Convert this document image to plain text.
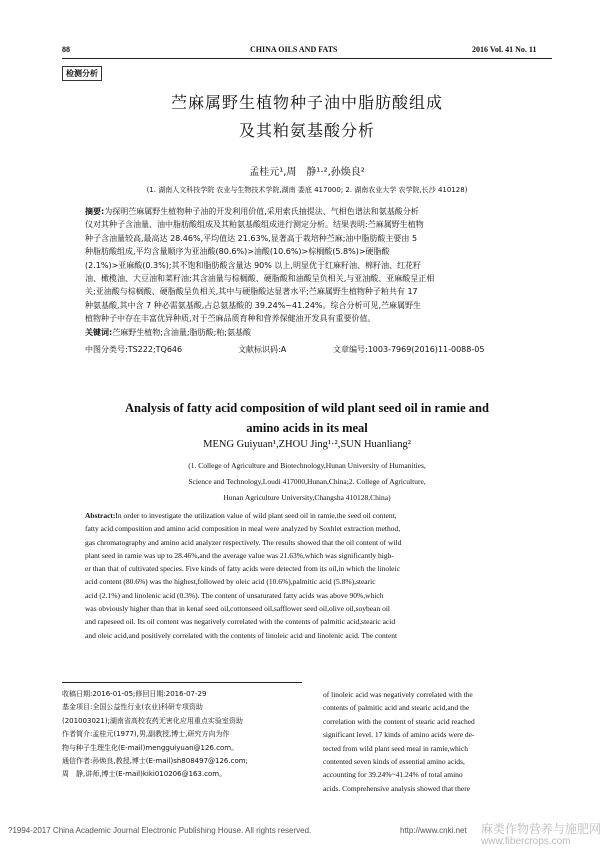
88	CHINA OILS AND FATS	2016 Vol. 41 No. 11
检测分析
苎麻属野生植物种子油中脂肪酸组成
及其粕氨基酸分析
孟桂元¹,周　静¹·²,孙焕良²
(1. 湖南人文科技学院 农业与生物技术学院,湖南 娄底 417000; 2. 湖南农业大学 农学院,长沙 410128)
摘要:为探明苎麻属野生植物种子油的开发利用价值,采用索氏抽提法、气相色谱法和氨基酸分析
仪对其种子含油量、油中脂肪酸组成及其粕氨基酸组成进行测定分析。结果表明:苎麻属野生植物
种子含油量较高,最高达 28.46%,平均值达 21.63%,显著高于栽培种苎麻;油中脂肪酸主要由 5
种脂肪酸组成,平均含量顺序为亚油酸(80.6%)>油酸(10.6%)>棕榈酸(5.8%)>硬脂酸
(2.1%)>亚麻酸(0.3%);其不饱和脂肪酸含量达 90% 以上,明显优于红麻籽油、棉籽油、红花籽
油、橄榄油、大豆油和菜籽油;其含油量与棕榈酸、硬脂酸和油酸呈负相关,与亚油酸、亚麻酸呈正相
关;亚油酸与棕榈酸、硬脂酸呈负相关,其中与硬脂酸达显著水平;苎麻属野生植物种子粕共有 17
种氨基酸,其中含 7 种必需氨基酸,占总氨基酸的 39.24%~41.24%。综合分析可见,苎麻属野生
植物种子中存在丰富优异种质,对于苎麻品质育种和营养保健油开发具有重要价值。
关键词:苎麻野生植物;含油量;脂肪酸;粕;氨基酸
中图分类号:TS222;TQ646	文献标识码:A	文章编号:1003-7969(2016)11-0088-05
Analysis of fatty acid composition of wild plant seed oil in ramie and
amino acids in its meal
MENG Guiyuan¹,ZHOU Jing¹·²,SUN Huanliang²
(1. College of Agriculture and Biotechnology,Hunan University of Humanities,
Science and Technology,Loudi 417000,Hunan,China;2. College of Agriculture,
Hunan Agriculture University,Changsha 410128,China)
Abstract:In order to investigate the utilization value of wild plant seed oil in ramie,the seed oil content,
fatty acid composition and amino acid composition in meal were analyzed by Soxhlet extraction method,
gas chromatography and amino acid analyzer respectively. The results showed that the oil content of wild
plant seed in ramie was up to 28.46%,and the average value was 21.63%,which was significantly high-
er than that of cultivated species. Five kinds of fatty acids were detected from its oil,in which the linoleic
acid content (80.6%) was the highest,followed by oleic acid (10.6%),palmitic acid (5.8%),stearic
acid (2.1%) and linolenic acid (0.3%). The content of unsaturated fatty acids was above 90%,which
was obviously higher than that in kenaf seed oil,cottonseed oil,safflower seed oil,olive oil,soybean oil
and rapeseed oil. Its oil content was negatively correlated with the contents of palmitic acid,stearic acid
and oleic acid,and positively correlated with the contents of linoleic acid and linolenic acid. The content
收稿日期:2016-01-05;修回日期:2016-07-29
基金项目:全国公益性行业(农业)科研专项资助
(201003021);湖南省高校农药无害化应用重点实验室资助
作者简介:孟桂元(1977),男,副教授,博士,研究方向为作
物与种子生理生化(E-mail)mengguiyuan@126.com。
通信作者:孙焕良,教授,博士(E-mail)sh808497@126.com;
周　静,讲师,博士(E-mail)kiki010206@163.com。
of linoleic acid was negatively correlated with the
contents of palmitic acid and stearic acid,and the
correlation with the content of stearic acid reached
significant level. 17 kinds of amino acids were de-
tected from wild plant seed meal in ramie,which
contented seven kinds of essential amino acids,
accounting for 39.24%~41.24% of total amino
acids. Comprehensive analysis showed that there
?1994-2017 China Academic Journal Electronic Publishing House. All rights reserved.	http://www.cnki.net 麻类作物营养与施肥网
www.fibercrops.com
